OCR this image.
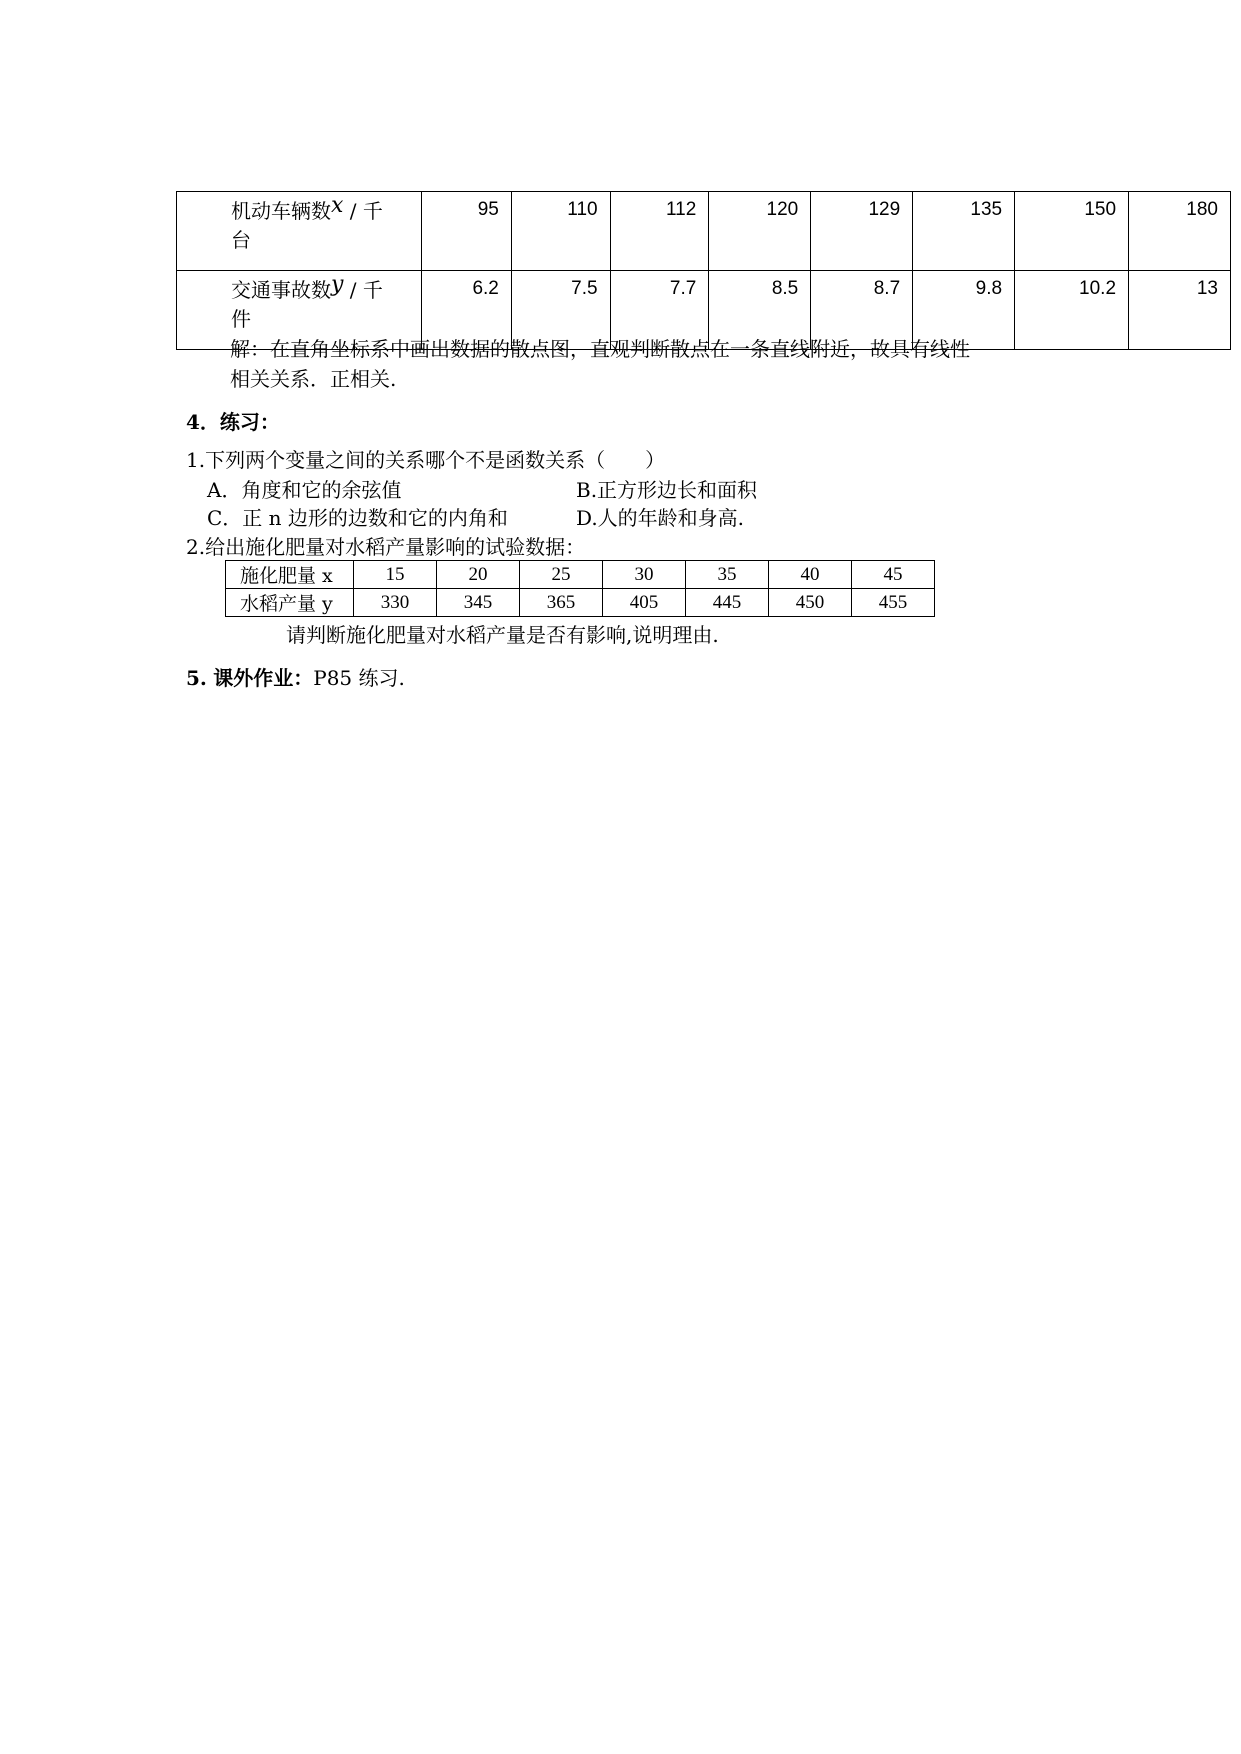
机动车辆数x / 千
台	95	110	112	120	129	135	150	180
交通事故数y / 千
件	6.2	7.5	7.7	8.5	8.7	9.8	10.2	13
解：在直角坐标系中画出数据的散点图，直观判断散点在一条直线附近，故具有线性
相关关系．正相关.
4．练习：
1.下列两个变量之间的关系哪个不是函数关系（　　）
A．角度和它的余弦值	B.正方形边长和面积
C．正 n 边形的边数和它的内角和	D.人的年龄和身高.
2.给出施化肥量对水稻产量影响的试验数据：
施化肥量 x	15	20	25	30	35	40	45
水稻产量 y	330	345	365	405	445	450	455
请判断施化肥量对水稻产量是否有影响,说明理由.
5. 课外作业：P85 练习.
